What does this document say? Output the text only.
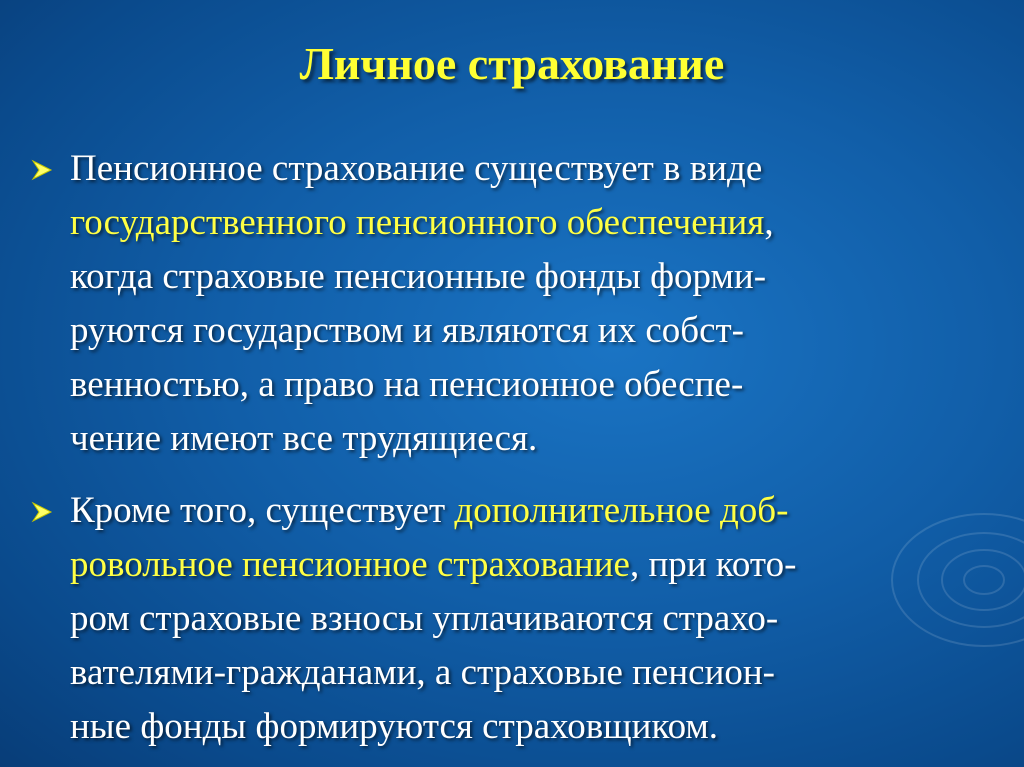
Личное страхование
Пенсионное страхование существует в виде
государственного пенсионного обеспечения,
когда страховые пенсионные фонды форми-
руются государством и являются их собст-
венностью, а право на пенсионное обеспе-
чение имеют все трудящиеся.
Кроме того, существует дополнительное доб-
ровольное пенсионное страхование, при кото-
ром страховые взносы уплачиваются страхо-
вателями-гражданами, а страховые пенсион-
ные фонды формируются страховщиком.
